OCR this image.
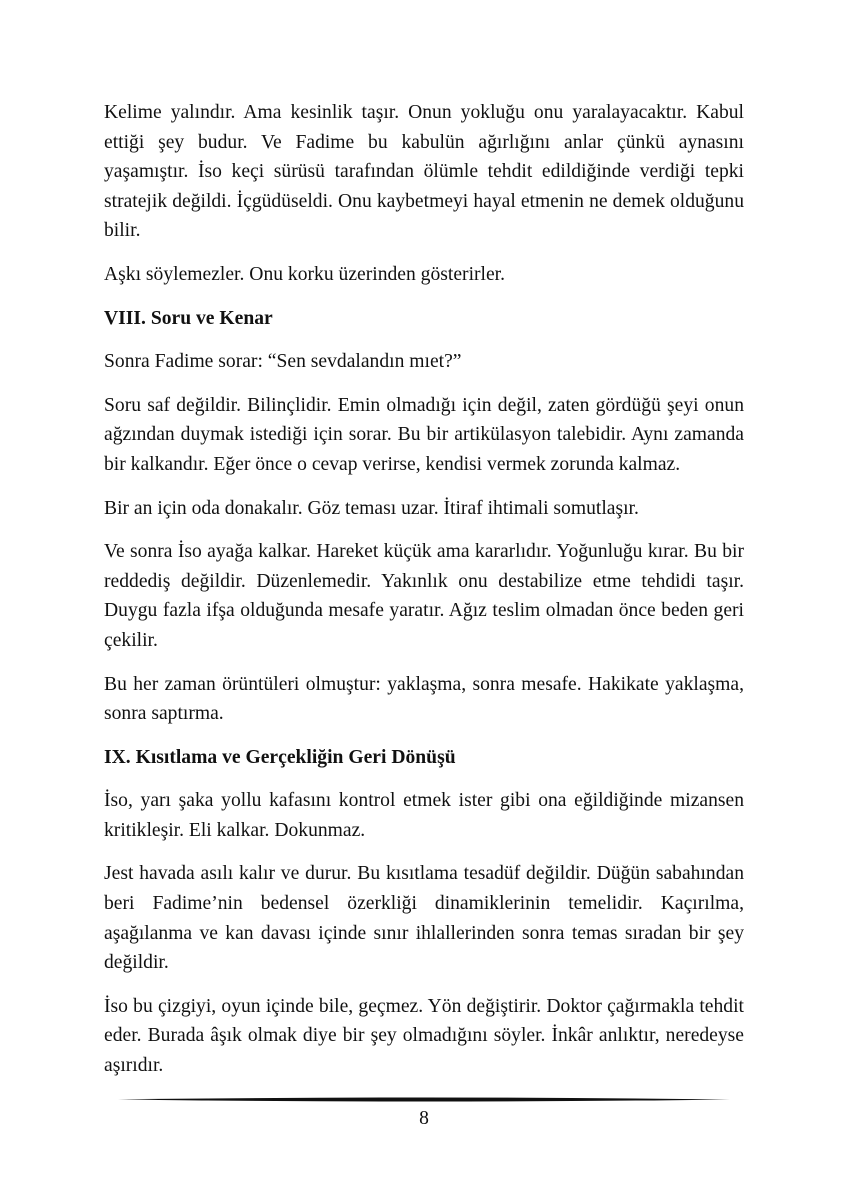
Kelime yalındır. Ama kesinlik taşır. Onun yokluğu onu yaralayacaktır. Kabul ettiği şey budur. Ve Fadime bu kabulün ağırlığını anlar çünkü aynasını yaşamıştır. İso keçi sürüsü tarafından ölümle tehdit edildiğinde verdiği tepki stratejik değildi. İçgüdüseldi. Onu kaybetmeyi hayal etmenin ne demek olduğunu bilir.

Aşkı söylemezler. Onu korku üzerinden gösterirler.

VIII. Soru ve Kenar

Sonra Fadime sorar: “Sen sevdalandın mıet?”

Soru saf değildir. Bilinçlidir. Emin olmadığı için değil, zaten gördüğü şeyi onun ağzından duymak istediği için sorar. Bu bir artikülasyon talebidir. Aynı zamanda bir kalkandır. Eğer önce o cevap verirse, kendisi vermek zorunda kalmaz.

Bir an için oda donakalır. Göz teması uzar. İtiraf ihtimali somutlaşır.

Ve sonra İso ayağa kalkar. Hareket küçük ama kararlıdır. Yoğunluğu kırar. Bu bir reddediş değildir. Düzenlemedir. Yakınlık onu destabilize etme tehdidi taşır. Duygu fazla ifşa olduğunda mesafe yaratır. Ağız teslim olmadan önce beden geri çekilir.

Bu her zaman örüntüleri olmuştur: yaklaşma, sonra mesafe. Hakikate yaklaşma, sonra saptırma.

IX. Kısıtlama ve Gerçekliğin Geri Dönüşü

İso, yarı şaka yollu kafasını kontrol etmek ister gibi ona eğildiğinde mizansen kritikleşir. Eli kalkar. Dokunmaz.

Jest havada asılı kalır ve durur. Bu kısıtlama tesadüf değildir. Düğün sabahından beri Fadime’nin bedensel özerkliği dinamiklerinin temelidir. Kaçırılma, aşağılanma ve kan davası içinde sınır ihlallerinden sonra temas sıradan bir şey değildir.

İso bu çizgiyi, oyun içinde bile, geçmez. Yön değiştirir. Doktor çağırmakla tehdit eder. Burada âşık olmak diye bir şey olmadığını söyler. İnkâr anlıktır, neredeyse aşırıdır.

8
